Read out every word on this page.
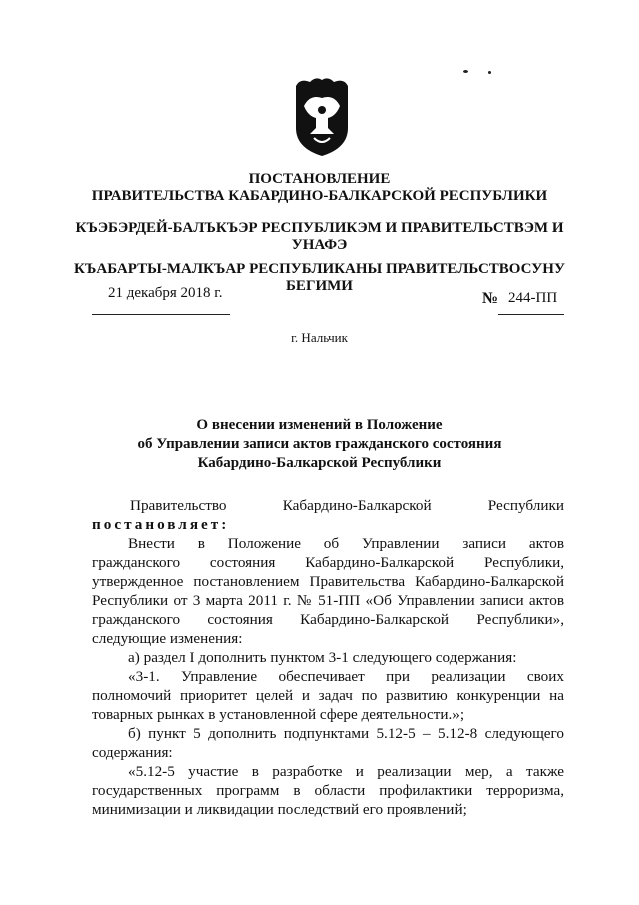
ПОСТАНОВЛЕНИЕ
ПРАВИТЕЛЬСТВА КАБАРДИНО-БАЛКАРСКОЙ РЕСПУБЛИКИ
КЪЭБЭРДЕЙ-БАЛЪКЪЭР РЕСПУБЛИКЭМ И ПРАВИТЕЛЬСТВЭМ И
УНАФЭ
КЪАБАРТЫ-МАЛКЪАР РЕСПУБЛИКАНЫ ПРАВИТЕЛЬСТВОСУНУ
БЕГИМИ
21 декабря 2018 г.	№ 244-ПП
г. Нальчик
О внесении изменений в Положение
об Управлении записи актов гражданского состояния
Кабардино-Балкарской Республики
Правительство	Кабардино-Балкарской	Республики
постановляет:
Внести в Положение об Управлении записи актов
гражданского состояния Кабардино-Балкарской Республики, утвержденное постановлением Правительства Кабардино-Балкарской Республики от 3 марта 2011 г. № 51-ПП «Об Управлении записи актов гражданского состояния Кабардино-Балкарской Республики», следующие изменения:
а) раздел I дополнить пунктом 3-1 следующего содержания:
«3-1. Управление обеспечивает при реализации своих
полномочий приоритет целей и задач по развитию конкуренции на товарных рынках в установленной сфере деятельности.»;
б) пункт 5 дополнить подпунктами 5.12-5 – 5.12-8 следующего
содержания:
«5.12-5 участие в разработке и реализации мер, а также
государственных программ в области профилактики терроризма, минимизации и ликвидации последствий его проявлений;
